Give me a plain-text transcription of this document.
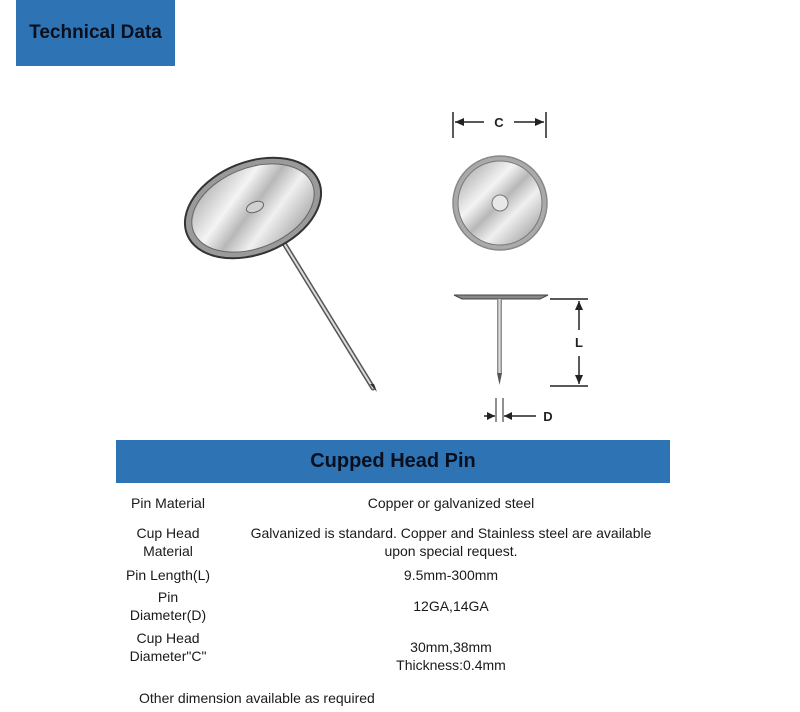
Technical Data
C
L
D
Cupped Head Pin
Pin Material	Copper or galvanized steel
Cup Head
Material
Galvanized is standard. Copper and Stainless steel are available
upon special request.
Pin Length(L)	9.5mm-300mm
Pin
Diameter(D)
12GA,14GA
Cup Head
Diameter"C"
30mm,38mm
Thickness:0.4mm
Other dimension available as required
